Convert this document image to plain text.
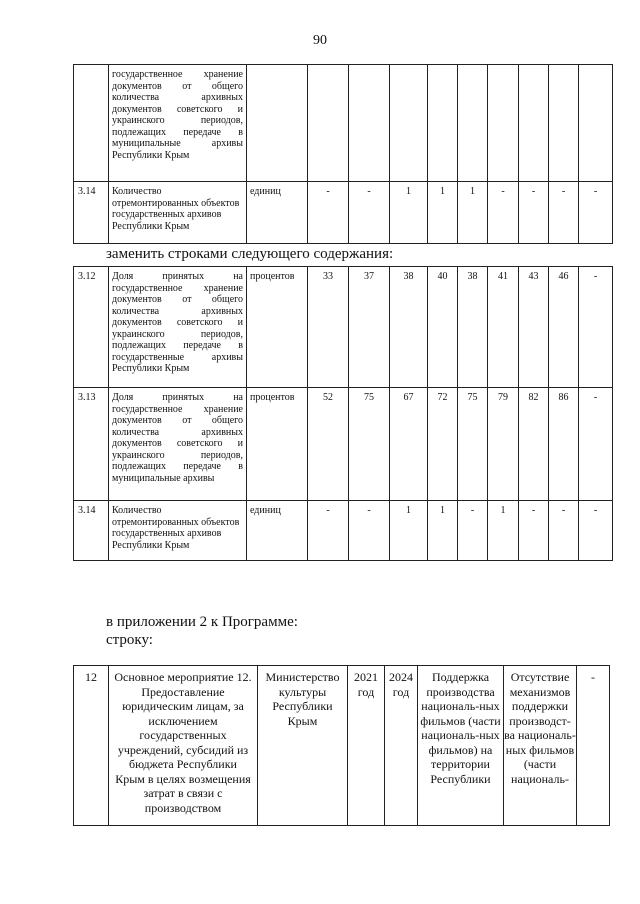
90
	государственное хранение документов от общего количества архивных документов советского и украинского периодов, подлежащих передаче в муниципальные архивы Республики Крым										
3.14	Количество отремонтированных объектов государственных архивов Республики Крым	единиц	-	-	1	1	1	-	-	-	-
заменить строками следующего содержания:
3.12	Доля принятых на государственное хранение документов от общего количества архивных документов советского и украинского периодов, подлежащих передаче в государственные архивы Республики Крым	процентов	33	37	38	40	38	41	43	46	-
3.13	Доля принятых на государственное хранение документов от общего количества архивных документов советского и украинского периодов, подлежащих передаче в муниципальные архивы	процентов	52	75	67	72	75	79	82	86	-
3.14	Количество отремонтированных объектов государственных архивов Республики Крым	единиц	-	-	1	1	-	1	-	-	-
в приложении 2 к Программе:
строку:
12	Основное мероприятие 12. Предоставление юридическим лицам, за исключением государственных учреждений, субсидий из бюджета Республики Крым в целях возмещения затрат в связи с производством	Министерство культуры Республики Крым	2021 год	2024 год	Поддержка производства националь-ных фильмов (части националь-ных фильмов) на территории Республики	Отсутствие механизмов поддержки производст-ва националь-ных фильмов (части националь-	-
